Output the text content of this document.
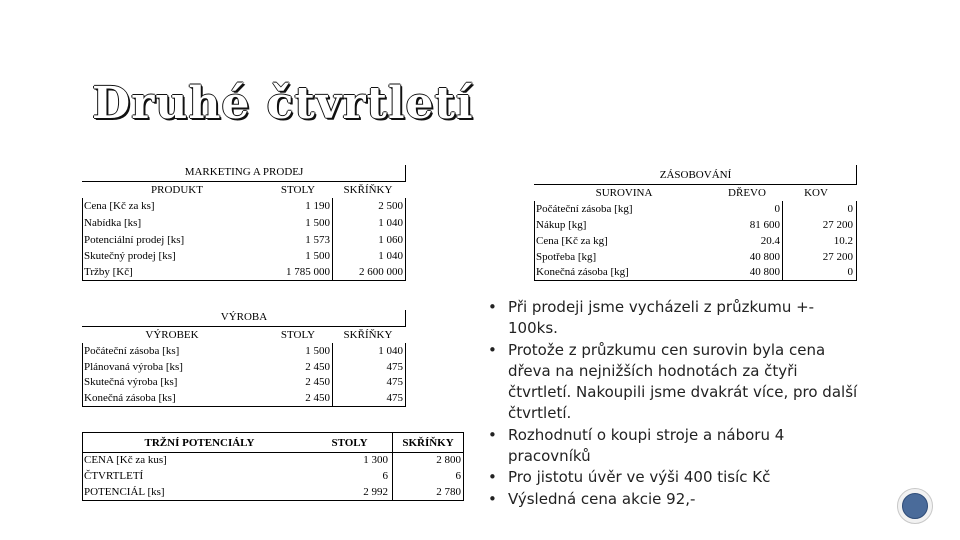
Druhé čtvrtletí
MARKETING A PRODEJ
PRODUKT	STOLY	SKŘÍŇKY
Cena [Kč za ks]	1 190	2 500
Nabídka [ks]	1 500	1 040
Potenciální prodej [ks]	1 573	1 060
Skutečný prodej [ks]	1 500	1 040
Tržby [Kč]	1 785 000	2 600 000
ZÁSOBOVÁNÍ
SUROVINA	DŘEVO	KOV
Počáteční zásoba [kg]	0	0
Nákup [kg]	81 600	27 200
Cena [Kč za kg]	20.4	10.2
Spotřeba [kg]	40 800	27 200
Konečná zásoba [kg]	40 800	0
VÝROBA
VÝROBEK	STOLY	SKŘÍŇKY
Počáteční zásoba [ks]	1 500	1 040
Plánovaná výroba [ks]	2 450	475
Skutečná výroba [ks]	2 450	475
Konečná zásoba [ks]	2 450	475
TRŽNÍ POTENCIÁLY	STOLY	SKŘÍŇKY
CENA [Kč za kus]	1 300	2 800
ČTVRTLETÍ	6	6
POTENCIÁL [ks]	2 992	2 780
• Při prodeji jsme vycházeli z průzkumu +- 100ks.
• Protože z průzkumu cen surovin byla cena dřeva na nejnižších hodnotách za čtyři čtvrtletí. Nakoupili jsme dvakrát více, pro další čtvrtletí.
• Rozhodnutí o koupi stroje a náboru 4 pracovníků
• Pro jistotu úvěr ve výši 400 tisíc Kč
• Výsledná cena akcie 92,-
